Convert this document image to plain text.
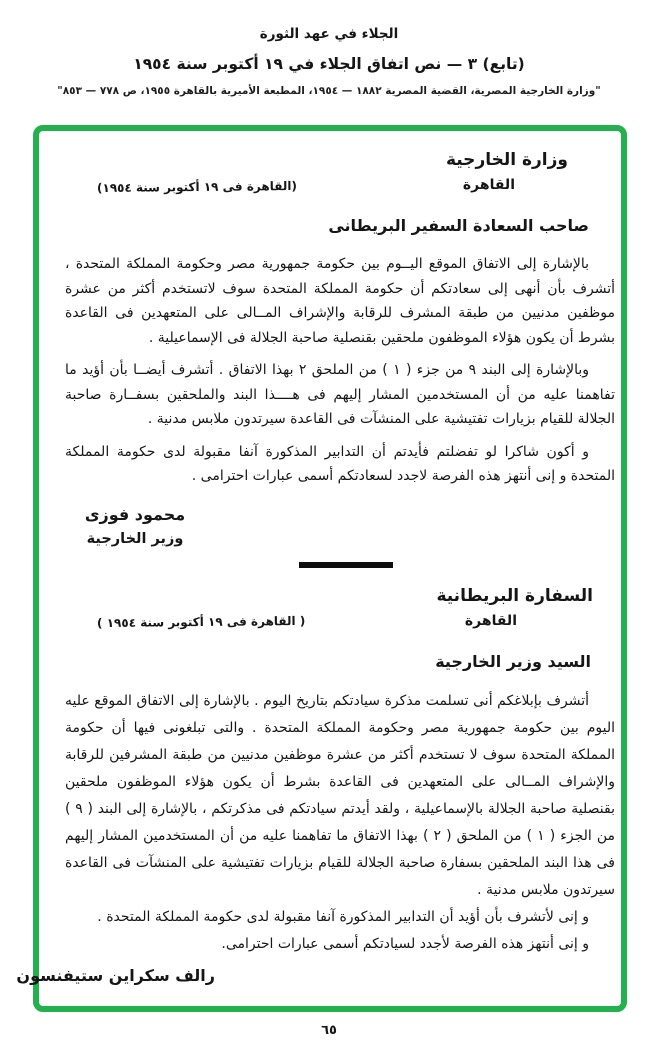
الجلاء في عهد الثورة
(تابع) ٣ — نص اتفاق الجلاء في ١٩ أكتوبر سنة ١٩٥٤
"وزارة الخارجية المصرية، القضية المصرية ١٨٨٢ — ١٩٥٤، المطبعة الأميرية بالقاهرة ١٩٥٥، ص ٧٧٨ — ٨٥٣"
وزارة الخارجية
القاهرة
(القاهرة فى ١٩ أكتوبر سنة ١٩٥٤)
صاحب السعادة السفير البريطانى

بالإشارة إلى الاتفاق الموقع اليــوم بين حكومة جمهورية مصر وحكومة المملكة المتحدة ، أتشرف بأن أنهى إلى سعادتكم أن حكومة المملكة المتحدة سوف لاتستخدم أكثر من عشرة موظفين مدنيين من طبقة المشرف للرقابة والإشراف المــالى على المتعهدين فى القاعدة بشرط أن يكون هؤلاء الموظفون ملحقين بقنصلية صاحبة الجلالة فى الإسماعيلية .

وبالإشارة إلى البند ٩ من جزء ( ١ ) من الملحق ٢ بهذا الاتفاق . أتشرف أيضــا بأن أؤيد ما تفاهمنا عليه من أن المستخدمين المشار إليهم فى هــــذا البند والملحقين بسفــارة صاحبة الجلالة للقيام بزيارات تفتيشية على المنشآت فى القاعدة سيرتدون ملابس مدنية .

و أكون شاكرا لو تفضلتم فأيدتم أن التدابير المذكورة آنفا مقبولة لدى حكومة المملكة المتحدة و إنى أنتهز هذه الفرصة لاجدد لسعادتكم أسمى عبارات احترامى .

محمود فوزى
وزير الخارجية
السفارة البريطانية
القاهرة
( القاهرة فى ١٩ أكتوبر سنة ١٩٥٤ )
السيد وزير الخارجية

أتشرف بإبلاغكم أنى تسلمت مذكرة سيادتكم بتاريخ اليوم . بالإشارة إلى الاتفاق الموقع عليه اليوم بين حكومة جمهورية مصر وحكومة المملكة المتحدة . والتى تبلغونى فيها أن حكومة المملكة المتحدة سوف لا تستخدم أكثر من عشرة موظفين مدنيين من طبقة المشرفين للرقابة والإشراف المــالى على المتعهدين فى القاعدة بشرط أن يكون هؤلاء الموظفون ملحقين بقنصلية صاحبة الجلالة بالإسماعيلية ، ولقد أيدتم سيادتكم فى مذكرتكم ، بالإشارة إلى البند ( ٩ ) من الجزء ( ١ ) من الملحق ( ٢ ) بهذا الاتفاق ما تفاهمنا عليه من أن المستخدمين المشار إليهم فى هذا البند الملحقين بسفارة صاحبة الجلالة للقيام بزيارات تفتيشية على المنشآت فى القاعدة سيرتدون ملابس مدنية .

و إنى لأتشرف بأن أؤيد أن التدابير المذكورة آنفا مقبولة لدى حكومة المملكة المتحدة .

و إنى أنتهز هذه الفرصة لأجدد لسيادتكم أسمى عبارات احترامى.

رالف سكراين ستيفنسون
٦٥
